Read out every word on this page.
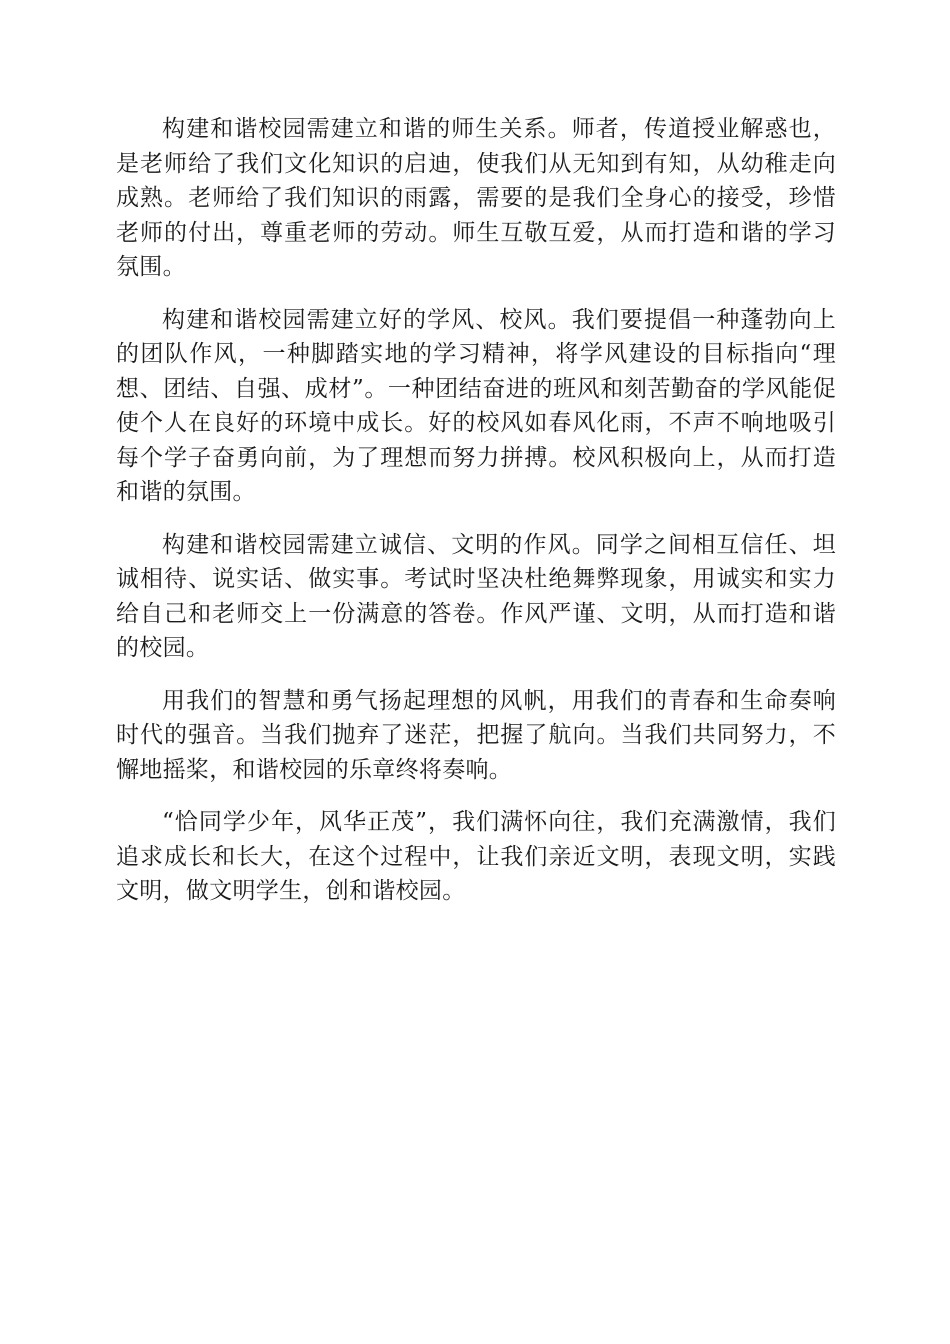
构建和谐校园需建立和谐的师生关系。师者，传道授业解惑也，是老师给了我们文化知识的启迪，使我们从无知到有知，从幼稚走向成熟。老师给了我们知识的雨露，需要的是我们全身心的接受，珍惜老师的付出，尊重老师的劳动。师生互敬互爱，从而打造和谐的学习氛围。

构建和谐校园需建立好的学风、校风。我们要提倡一种蓬勃向上的团队作风，一种脚踏实地的学习精神，将学风建设的目标指向“理想、团结、自强、成材”。一种团结奋进的班风和刻苦勤奋的学风能促使个人在良好的环境中成长。好的校风如春风化雨，不声不响地吸引每个学子奋勇向前，为了理想而努力拼搏。校风积极向上，从而打造和谐的氛围。

构建和谐校园需建立诚信、文明的作风。同学之间相互信任、坦诚相待、说实话、做实事。考试时坚决杜绝舞弊现象，用诚实和实力给自己和老师交上一份满意的答卷。作风严谨、文明，从而打造和谐的校园。

用我们的智慧和勇气扬起理想的风帆，用我们的青春和生命奏响时代的强音。当我们抛弃了迷茫，把握了航向。当我们共同努力，不懈地摇桨，和谐校园的乐章终将奏响。

“恰同学少年，风华正茂”，我们满怀向往，我们充满激情，我们追求成长和长大，在这个过程中，让我们亲近文明，表现文明，实践文明，做文明学生，创和谐校园。
